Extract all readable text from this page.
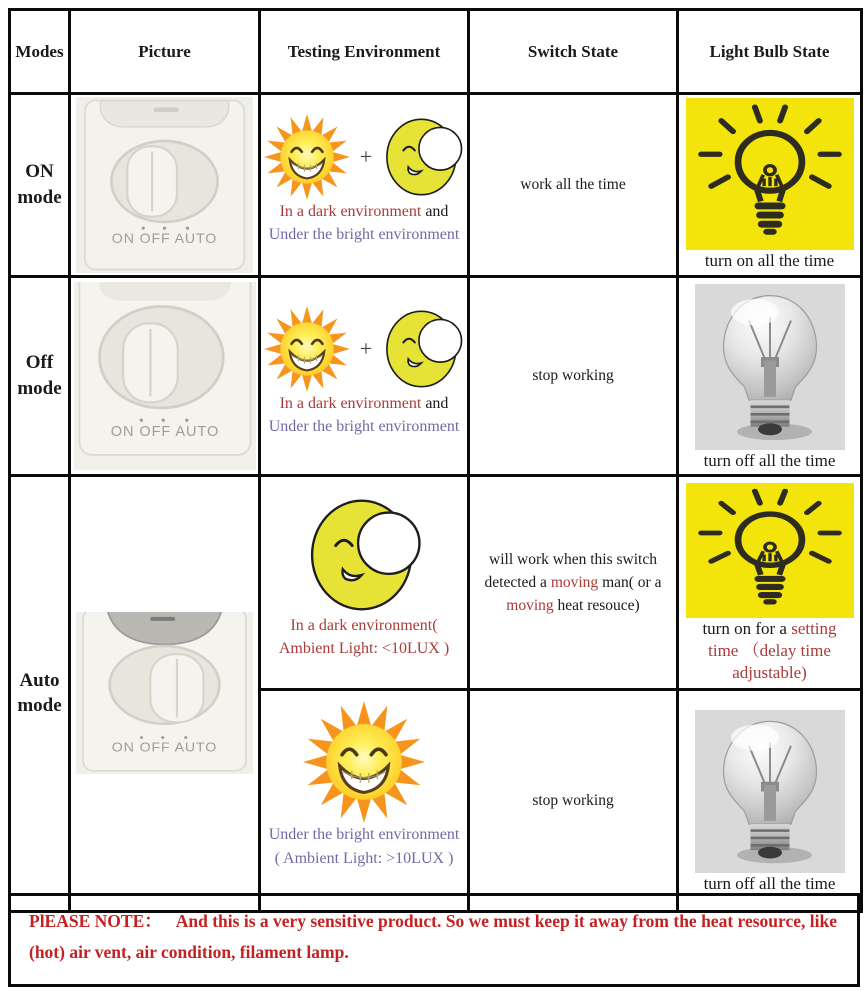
Modes	Picture	Testing Environment	Switch State	Light Bulb State
ON mode	ON OFF AUTO	+
In a dark environment and
Under the bright environment	work all the time	turn on all the time

Off mode	ON OFF AUTO	+
In a dark environment and
Under the bright environment	stop working	turn off all the time

Auto mode	ON OFF AUTO	In a dark environment(
Ambient Light: <10LUX )	will work when this switch detected a moving man( or a moving heat resouce)	turn on for a setting time （delay time adjustable)

		Under the bright environment
( Ambient Light: >10LUX )	stop working	turn off all the time
PlEASE NOTE： And this is a very sensitive product. So we must keep it away from the heat resource, like (hot) air vent, air condition, filament lamp.
